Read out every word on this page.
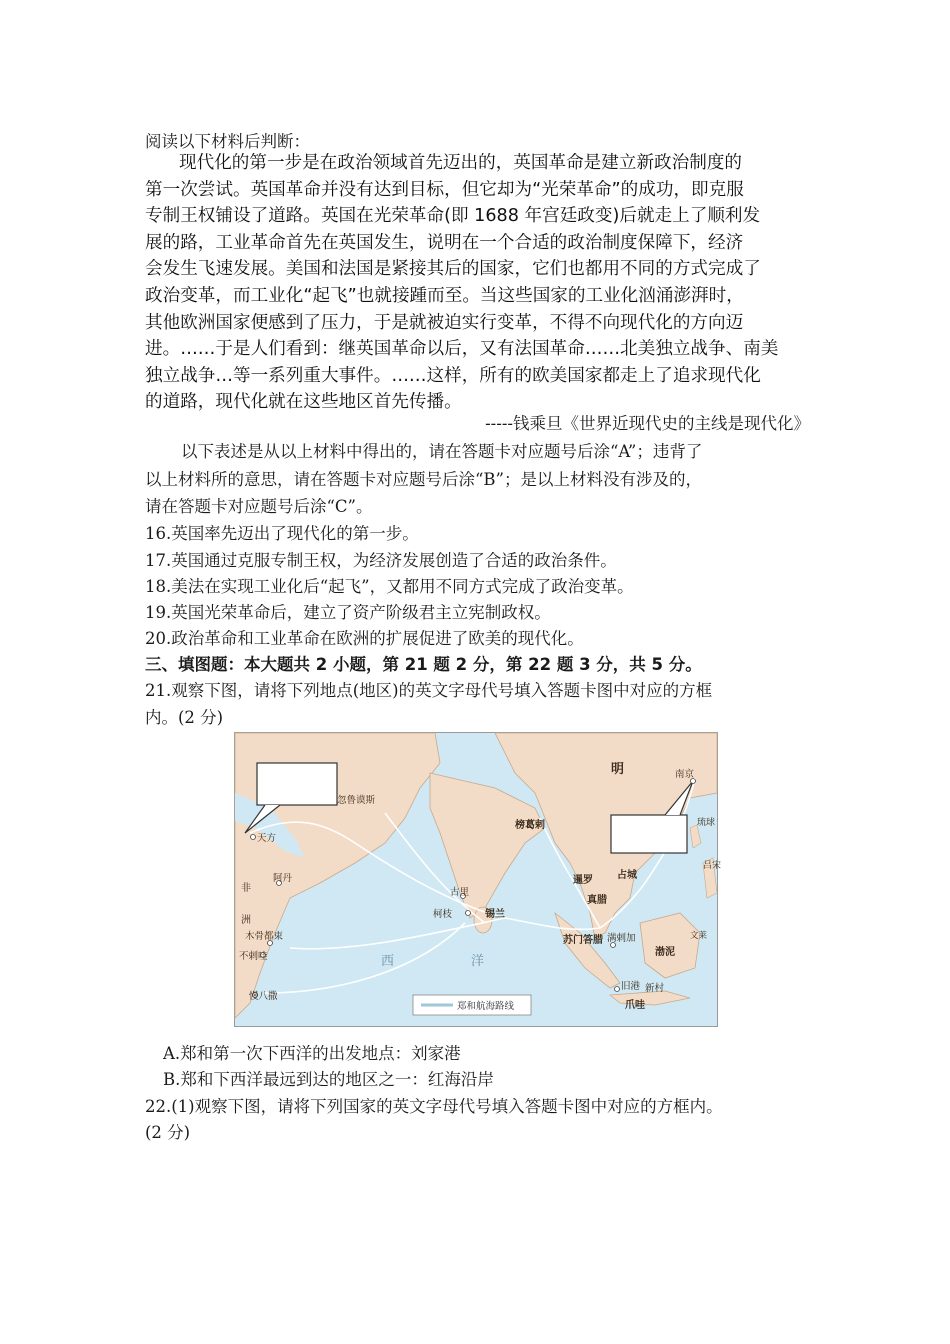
阅读以下材料后判断：
现代化的第一步是在政治领域首先迈出的，英国革命是建立新政治制度的
第一次尝试。英国革命并没有达到目标，但它却为“光荣革命”的成功，即克服
专制王权铺设了道路。英国在光荣革命(即 1688 年宫廷政变)后就走上了顺利发
展的路，工业革命首先在英国发生，说明在一个合适的政治制度保障下，经济
会发生飞速发展。美国和法国是紧接其后的国家，它们也都用不同的方式完成了
政治变革，而工业化“起飞”也就接踵而至。当这些国家的工业化汹涌澎湃时，
其他欧洲国家便感到了压力，于是就被迫实行变革，不得不向现代化的方向迈
进。……于是人们看到：继英国革命以后，又有法国革命……北美独立战争、南美
独立战争…等一系列重大事件。……这样，所有的欧美国家都走上了追求现代化
的道路，现代化就在这些地区首先传播。
-----钱乘旦《世界近现代史的主线是现代化》
以下表述是从以上材料中得出的，请在答题卡对应题号后涂“A”；违背了
以上材料所的意思，请在答题卡对应题号后涂“B”；是以上材料没有涉及的，
请在答题卡对应题号后涂“C”。
16.英国率先迈出了现代化的第一步。
17.英国通过克服专制王权，为经济发展创造了合适的政治条件。
18.美法在实现工业化后“起飞”，又都用不同方式完成了政治变革。
19.英国光荣革命后，建立了资产阶级君主立宪制政权。
20.政治革命和工业革命在欧洲的扩展促进了欧美的现代化。
三、填图题：本大题共 2 小题，第 21 题 2 分，第 22 题 3 分，共 5 分。
21.观察下图，请将下列地点(地区)的英文字母代号填入答题卡图中对应的方框
内。(2 分)
明	南京
天方
阿丹
忽鲁谟斯
榜葛剌
古里
柯枝	锡兰
暹罗 占城
真腊
满剌加
苏门答腊
旧港
爪哇
渤泥
文莱
吕宋
琉球
木骨都束
不剌哇
慢八撒
非
洲
新村
西	洋
郑和航海路线
A.郑和第一次下西洋的出发地点：刘家港
B.郑和下西洋最远到达的地区之一：红海沿岸
22.(1)观察下图，请将下列国家的英文字母代号填入答题卡图中对应的方框内。
(2 分)
